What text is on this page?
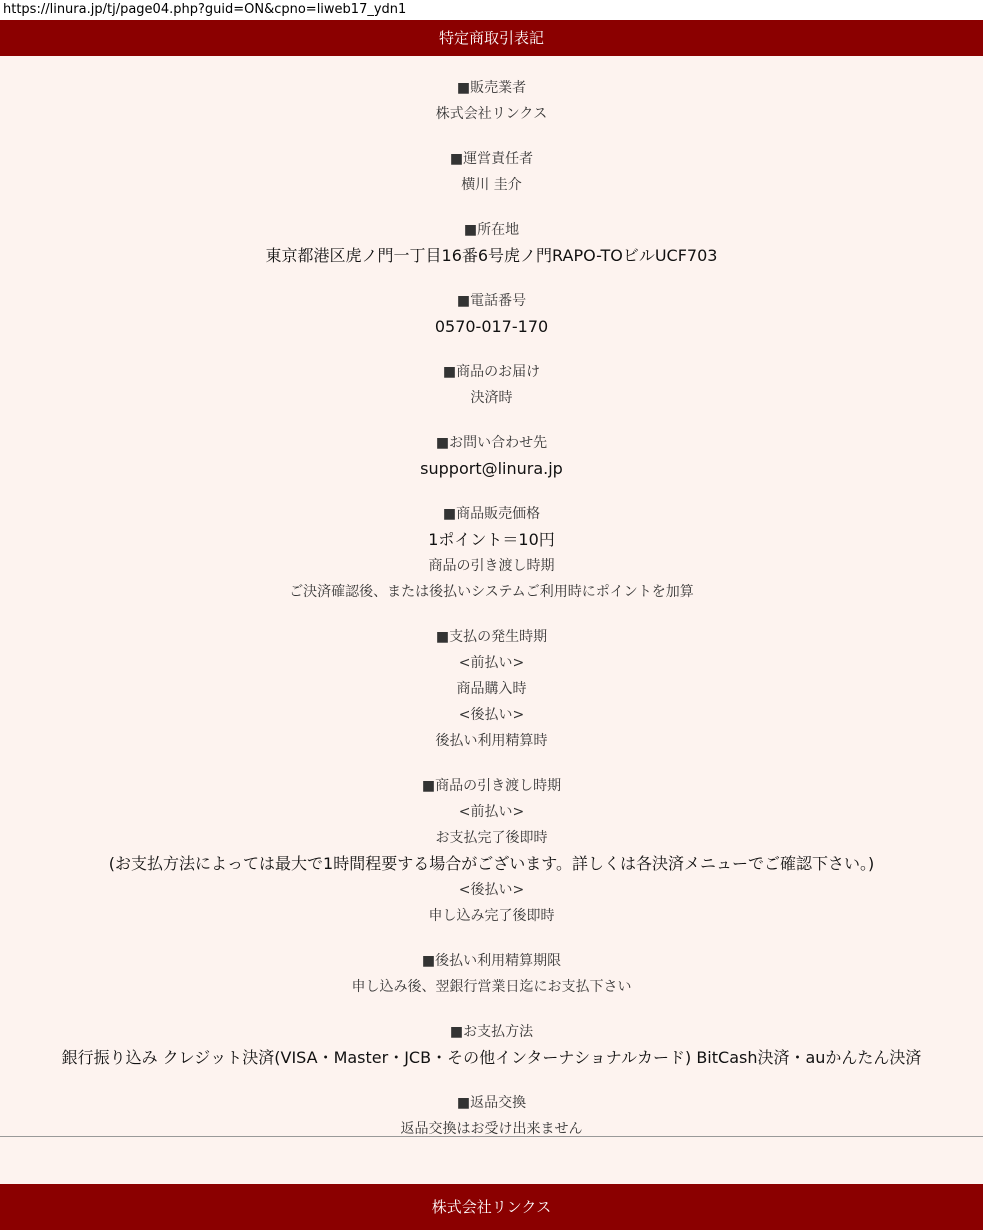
https://linura.jp/tj/page04.php?guid=ON&cpno=liweb17_ydn1
特定商取引表記
■販売業者
株式会社リンクス
■運営責任者
横川 圭介
■所在地
東京都港区虎ノ門一丁目16番6号虎ノ門RAPO-TOビルUCF703
■電話番号
0570-017-170
■商品のお届け
決済時
■お問い合わせ先
support@linura.jp
■商品販売価格
1ポイント＝10円
商品の引き渡し時期
ご決済確認後、または後払いシステムご利用時にポイントを加算
■支払の発生時期
<前払い>
商品購入時
<後払い>
後払い利用精算時
■商品の引き渡し時期
<前払い>
お支払完了後即時
(お支払方法によっては最大で1時間程要する場合がございます。詳しくは各決済メニューでご確認下さい。)
<後払い>
申し込み完了後即時
■後払い利用精算期限
申し込み後、翌銀行営業日迄にお支払下さい
■お支払方法
銀行振り込み クレジット決済(VISA・Master・JCB・その他インターナショナルカード) BitCash決済・auかんたん決済
■返品交換
返品交換はお受け出来ません
株式会社リンクス
